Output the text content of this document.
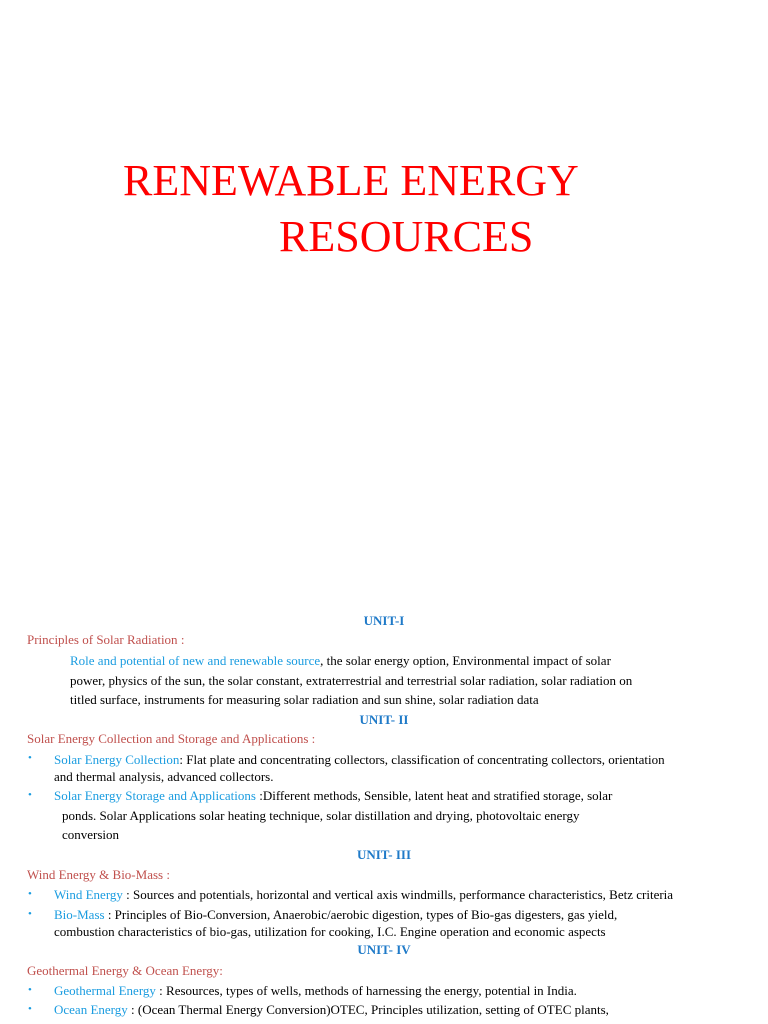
RENEWABLE ENERGY
RESOURCES
UNIT-I
Principles of Solar Radiation :
Role and potential of new and renewable source, the solar energy option, Environmental impact of solar
power, physics of the sun, the solar constant, extraterrestrial and terrestrial solar radiation, solar radiation on
titled surface, instruments for measuring solar radiation and sun shine, solar radiation data
UNIT- II
Solar Energy Collection and Storage and Applications :
• Solar Energy Collection: Flat plate and concentrating collectors, classification of concentrating collectors, orientation
and thermal analysis, advanced collectors.
• Solar Energy Storage and Applications :Different methods, Sensible, latent heat and stratified storage, solar
ponds. Solar Applications solar heating technique, solar distillation and drying, photovoltaic energy
conversion
UNIT- III
Wind Energy & Bio-Mass :
• Wind Energy : Sources and potentials, horizontal and vertical axis windmills, performance characteristics, Betz criteria
• Bio-Mass : Principles of Bio-Conversion, Anaerobic/aerobic digestion, types of Bio-gas digesters, gas yield,
combustion characteristics of bio-gas, utilization for cooking, I.C. Engine operation and economic aspects
UNIT- IV
Geothermal Energy & Ocean Energy:
• Geothermal Energy : Resources, types of wells, methods of harnessing the energy, potential in India.
• Ocean Energy : (Ocean Thermal Energy Conversion)OTEC, Principles utilization, setting of OTEC plants,
